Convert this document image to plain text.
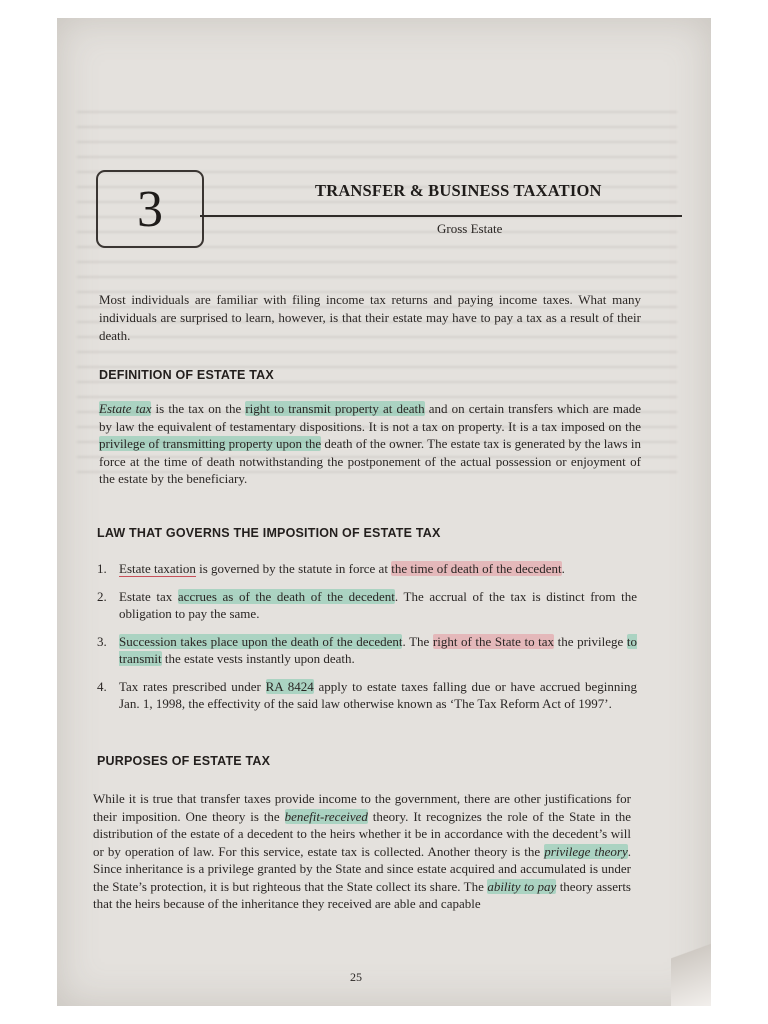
3	TRANSFER & BUSINESS TAXATION
Gross Estate
Most individuals are familiar with filing income tax returns and paying income taxes. What many individuals are surprised to learn, however, is that their estate may have to pay a tax as a result of their death.
DEFINITION OF ESTATE TAX
Estate tax is the tax on the right to transmit property at death and on certain transfers which are made by law the equivalent of testamentary dispositions. It is not a tax on property. It is a tax imposed on the privilege of transmitting property upon the death of the owner. The estate tax is generated by the laws in force at the time of death notwithstanding the postponement of the actual possession or enjoyment of the estate by the beneficiary.
LAW THAT GOVERNS THE IMPOSITION OF ESTATE TAX
1. Estate taxation is governed by the statute in force at the time of death of the decedent.
2. Estate tax accrues as of the death of the decedent. The accrual of the tax is distinct from the obligation to pay the same.
3. Succession takes place upon the death of the decedent. The right of the State to tax the privilege to transmit the estate vests instantly upon death.
4. Tax rates prescribed under RA 8424 apply to estate taxes falling due or have accrued beginning Jan. 1, 1998, the effectivity of the said law otherwise known as ‘The Tax Reform Act of 1997’.
PURPOSES OF ESTATE TAX
While it is true that transfer taxes provide income to the government, there are other justifications for their imposition. One theory is the benefit-received theory. It recognizes the role of the State in the distribution of the estate of a decedent to the heirs whether it be in accordance with the decedent’s will or by operation of law. For this service, estate tax is collected. Another theory is the privilege theory. Since inheritance is a privilege granted by the State and since estate acquired and accumulated is under the State’s protection, it is but righteous that the State collect its share. The ability to pay theory asserts that the heirs because of the inheritance they received are able and capable
25
